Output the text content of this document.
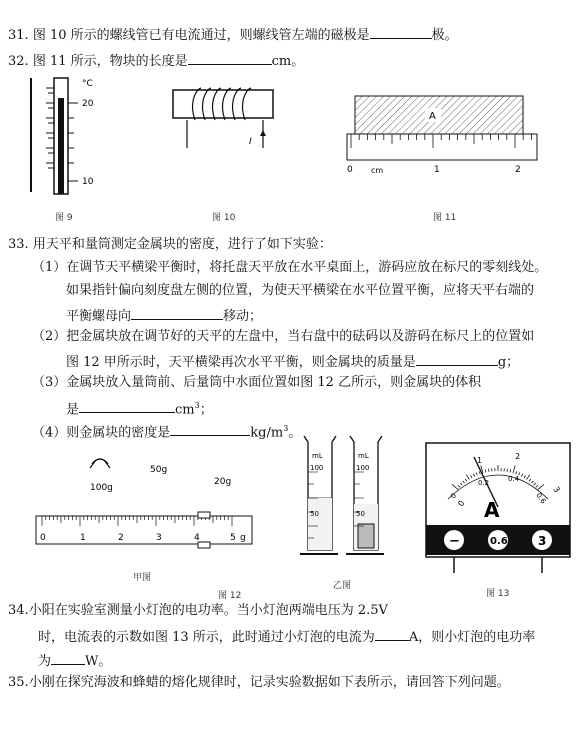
31. 图 10 所示的螺线管已有电流通过，则螺线管左端的磁极是	极。
32. 图 11 所示，物块的长度是	cm。
°C
20
10
图 9
I
图 10
A
0	1	2
cm
图 11
33. 用天平和量筒测定金属块的密度，进行了如下实验：
（1）在调节天平横梁平衡时，将托盘天平放在水平桌面上，游码应放在标尺的零刻线处。
如果指针偏向刻度盘左侧的位置，为使天平横梁在水平位置平衡，应将天平右端的
平衡螺母向	移动；
（2）把金属块放在调节好的天平的左盘中，当右盘中的砝码以及游码在标尺上的位置如
图 12 甲所示时，天平横梁再次水平平衡，则金属块的质量是	g；
（3）金属块放入量筒前、后量筒中水面位置如图 12 乙所示，则金属块的体积
是	$cm^3$；
（4）则金属块的密度是	$kg/m^3$。
100g
50g
20g
0	1	2	3	4	5 g
甲图
mL
100
50
mL
100
50
乙图
图 12
0
1	2
3
0
0.2	0.4
0.6
A
−	0.6	3
图 13
34.小阳在实验室测量小灯泡的电功率。当小灯泡两端电压为 2.5V
时，电流表的示数如图 13 所示，此时通过小灯泡的电流为	A，则小灯泡的电功率
为	W。
35.小刚在探究海波和蜂蜡的熔化规律时，记录实验数据如下表所示，请回答下列问题。
